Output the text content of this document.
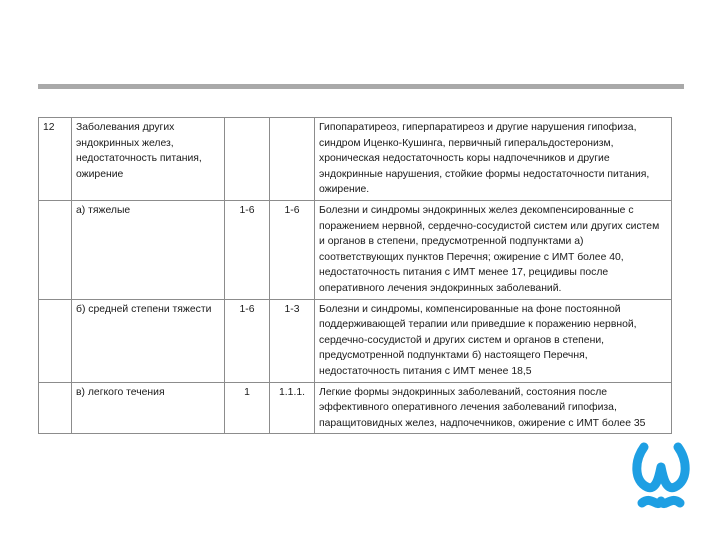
12	Заболевания других эндокринных желез, недостаточность питания, ожирение			Гипопаратиреоз, гиперпаратиреоз и другие нарушения гипофиза, синдром Иценко-Кушинга, первичный гиперальдостеронизм, хроническая недостаточность коры надпочечников и другие эндокринные нарушения, стойкие формы недостаточности питания, ожирение.
	а) тяжелые	1-6	1-6	Болезни и синдромы эндокринных желез декомпенсированные с поражением нервной, сердечно-сосудистой систем или других систем и органов в степени, предусмотренной подпунктами а) соответствующих пунктов Перечня; ожирение с ИМТ более 40, недостаточность питания с ИМТ менее 17, рецидивы после оперативного лечения эндокринных заболеваний.
	б) средней степени тяжести	1-6	1-3	Болезни и синдромы, компенсированные на фоне постоянной поддерживающей терапии или приведшие к поражению нервной, сердечно-сосудистой и других систем и органов в степени, предусмотренной подпунктами б) настоящего Перечня, недостаточность питания с ИМТ менее 18,5
	в) легкого течения	1	1.1.1.	Легкие формы эндокринных заболеваний, состояния после эффективного оперативного лечения заболеваний гипофиза, паращитовидных желез, надпочечников, ожирение с ИМТ более 35
